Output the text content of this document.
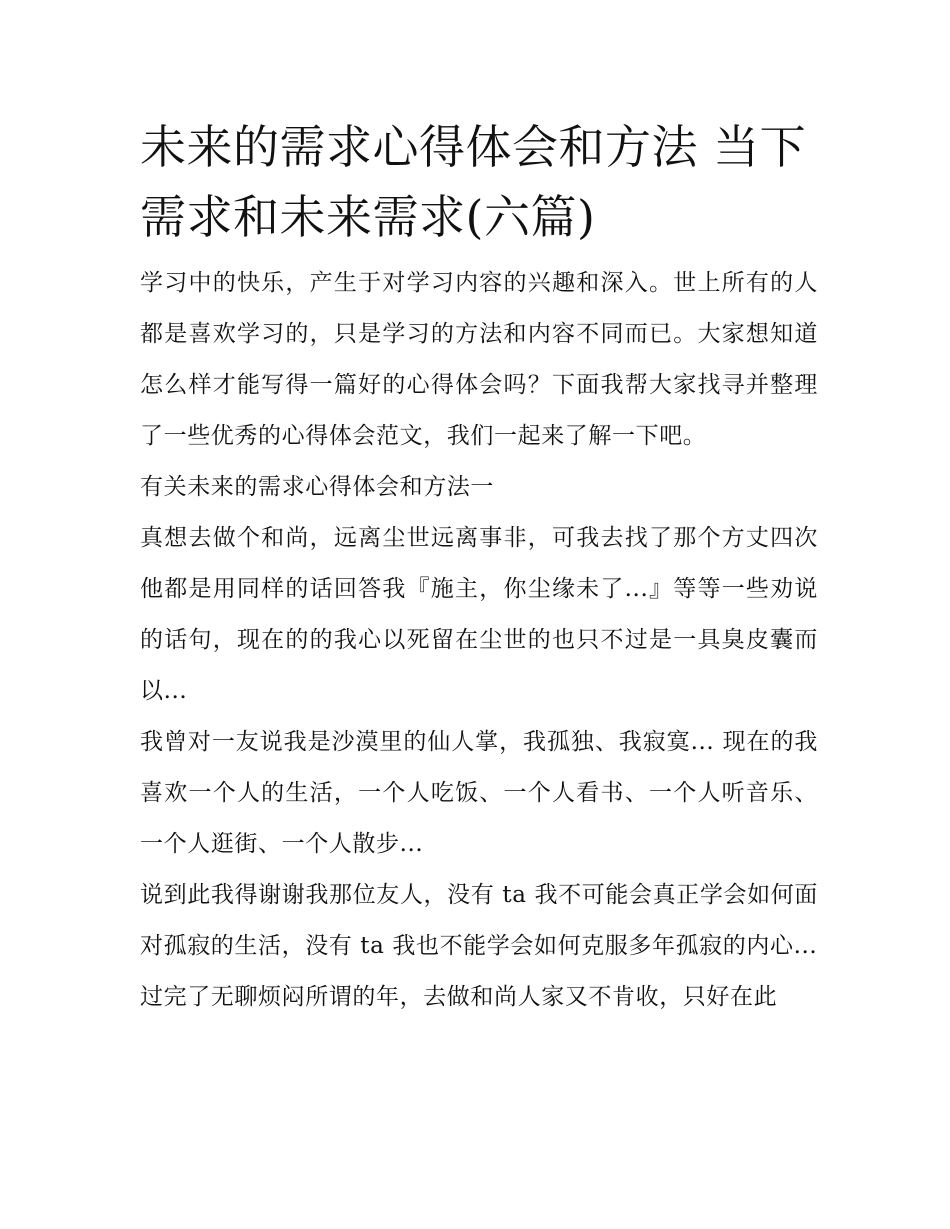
未来的需求心得体会和方法 当下需求和未来需求(六篇)

学习中的快乐，产生于对学习内容的兴趣和深入。世上所有的人都是喜欢学习的，只是学习的方法和内容不同而已。大家想知道怎么样才能写得一篇好的心得体会吗？下面我帮大家找寻并整理了一些优秀的心得体会范文，我们一起来了解一下吧。

有关未来的需求心得体会和方法一

真想去做个和尚，远离尘世远离事非，可我去找了那个方丈四次他都是用同样的话回答我『施主，你尘缘未了...』等等一些劝说的话句，现在的的我心以死留在尘世的也只不过是一具臭皮囊而以...

我曾对一友说我是沙漠里的仙人掌，我孤独、我寂寞... 现在的我喜欢一个人的生活，一个人吃饭、一个人看书、一个人听音乐、一个人逛街、一个人散步...

说到此我得谢谢我那位友人，没有 ta 我不可能会真正学会如何面对孤寂的生活，没有 ta 我也不能学会如何克服多年孤寂的内心...

过完了无聊烦闷所谓的年，去做和尚人家又不肯收，只好在此
